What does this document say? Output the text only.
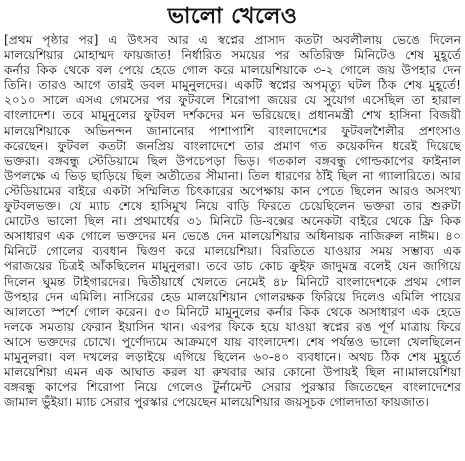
ভালো খেলেও
[প্রথম পৃষ্ঠার পর] এ উৎসব আর এ স্বপ্নের প্রাসাদ কতটা অবলীলায় ভেঙে দিলেন
মালয়েশিয়ার মোহাম্মদ ফায়জাত! নির্ধারিত সময়ের পর অতিরিক্ত মিনিটেও শেষ মুহূর্তে
কর্নার কিক থেকে বল পেয়ে হেডে গোল করে মালয়েশিয়াকে ৩-২ গোলে জয় উপহার দেন
তিনি। তারও আগে তারই ডবল মামুনুলদের। একটি স্বপ্নের অপমৃত্যু ঘটল ঠিক শেষ মুহূর্তে!
২০১০ সালে এসএ গেমসের পর ফুটবলে শিরোপা জয়ের যে সুযোগ এসেছিল তা হারাল
বাংলাদেশ। তবে মামুনুলের ফুটবল দর্শকদের মন ভরিয়েছে। প্রধানমন্ত্রী শেখ হাসিনা বিজয়ী
মালয়েশিয়াকে অভিনন্দন জানানোর পাশাপাশি বাংলাদেশের ফুটবলশৈলীর প্রশংসাও
করেছেন। ফুটবল কতটা জনপ্রিয় বাংলাদেশে তার প্রমাণ গত কয়েকদিন ধরেই দিয়েছে
ভক্তরা। বঙ্গবন্ধু স্টেডিয়ামে ছিল উপচেপড়া ভিড়। গতকাল বঙ্গবন্ধু গোল্ডকাপের ফাইনাল
উপলক্ষে এ ভিড় ছাড়িয়ে ছিল অতীতের সীমানা। তিল ধারণের ঠাঁই ছিল না গ্যালারিতে। আর
স্টেডিয়ামের বাইরে একটা সম্মিলিত চিৎকারের অপেক্ষায় কান পেতে ছিলেন আরও অসংখ্য
ফুটবলভক্ত। যে ম্যাচ শেষে হাসিমুখ নিয়ে বাড়ি ফিরতে চেয়েছিলেন ভক্তরা তার শুরুটা
মোটেও ভালো ছিল না। প্রথমার্ধের ৩১ মিনিটে ডি-বক্সের অনেকটা বাইরে থেকে ফ্রি কিক
অসাধারণ এক গোলে ভক্তদের মন ভেঙে দেন মালয়েশিয়ার অধিনায়ক নাজিরুল নাঈম। ৪০
মিনিটে গোলের ব্যবধান দ্বিগুণ করে মালয়েশিয়া। বিরতিতে যাওয়ার সময় সম্ভাব্য এক
পরাজয়ের চিত্রই আঁকছিলেন মামুনুলরা। তবে ডাচ কোচ ক্রুইফ জাদুমন্ত্র বলেই যেন জাগিয়ে
দিলেন ঘুমন্ত টাইগারদের। দ্বিতীয়ার্ধে খেলতে নেমেই ৪৮ মিনিটে বাংলাদেশকে প্রথম গোল
উপহার দেন এমিলি। নাসিরের হেড মালয়েশিয়ান গোলরক্ষক ফিরিয়ে দিলেও এমিলি পায়ের
আলতো স্পর্শে গোল করেন। ৫৩ মিনিটে মামুনুলের কর্নার কিক থেকে অসাধারণ এক হেডে
দলকে সমতায় ফেরান ইয়াসিন খান। এরপর ফিকে হয়ে যাওয়া স্বপ্নের রঙ পূর্ণ মাত্রায় ফিরে
আসে ভক্তদের চোখে। পুর্ণোদ্যমে আক্রমণে যায় বাংলাদেশ। শেষ পর্যন্তও ভালো খেলছিলেন
মামুনুলরা। বল দখলের লড়াইয়ে এগিয়ে ছিলেন ৬০-৪০ ব্যবধানে। অথচ ঠিক শেষ মুহূর্তে
মালয়েশিয়া এমন এক আঘাত করল যা রুখবার আর কোনো উপায়ই ছিল না।মালয়েশিয়া
বঙ্গবন্ধু কাপের শিরোপা নিয়ে গেলেও টুর্নামেন্ট সেরার পুরস্কার জিতেছেন বাংলাদেশের
জামাল ভুঁইয়া। ম্যাচ সেরার পুরস্কার পেয়েছেন মালয়েশিয়ার জয়সূচক গোলদাতা ফায়জাত।
